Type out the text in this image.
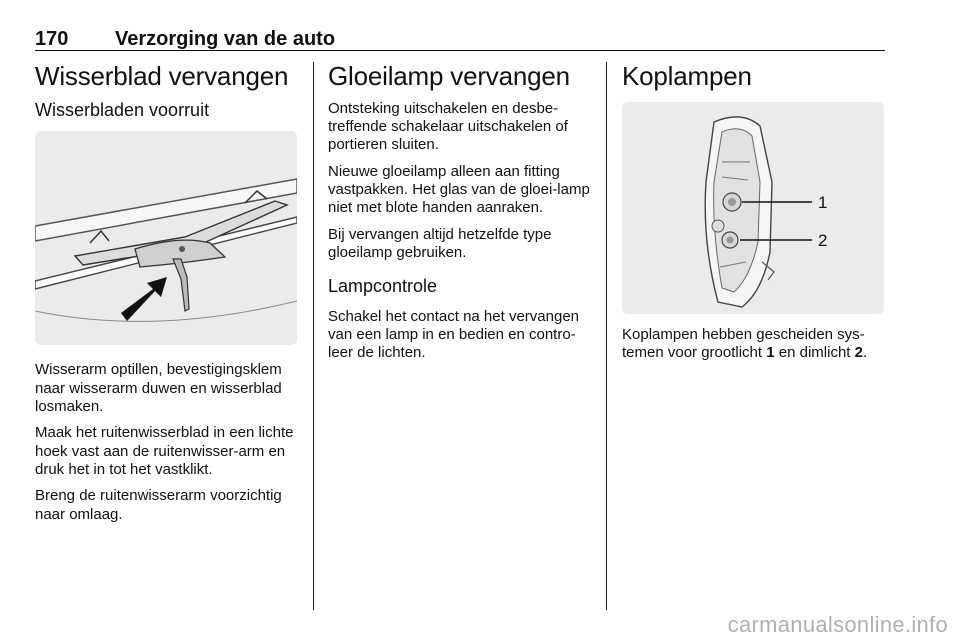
170 Verzorging van de auto
Wisserblad vervangen
Wisserbladen voorruit

Wisserarm optillen, bevestigingsklem naar wisserarm duwen en wisserblad losmaken.

Maak het ruitenwisserblad in een lichte hoek vast aan de ruitenwisser-arm en druk het in tot het vastklikt.

Breng de ruitenwisserarm voorzichtig naar omlaag.

Gloeilamp vervangen

Ontsteking uitschakelen en desbe-treffende schakelaar uitschakelen of portieren sluiten.

Nieuwe gloeilamp alleen aan fitting vastpakken. Het glas van de gloei-lamp niet met blote handen aanraken.

Bij vervangen altijd hetzelfde type gloeilamp gebruiken.

Lampcontrole

Schakel het contact na het vervangen van een lamp in en bedien en contro-leer de lichten.

Koplampen
1
2

Koplampen hebben gescheiden sys-temen voor grootlicht 1 en dimlicht 2.

carmanualsonline.info
